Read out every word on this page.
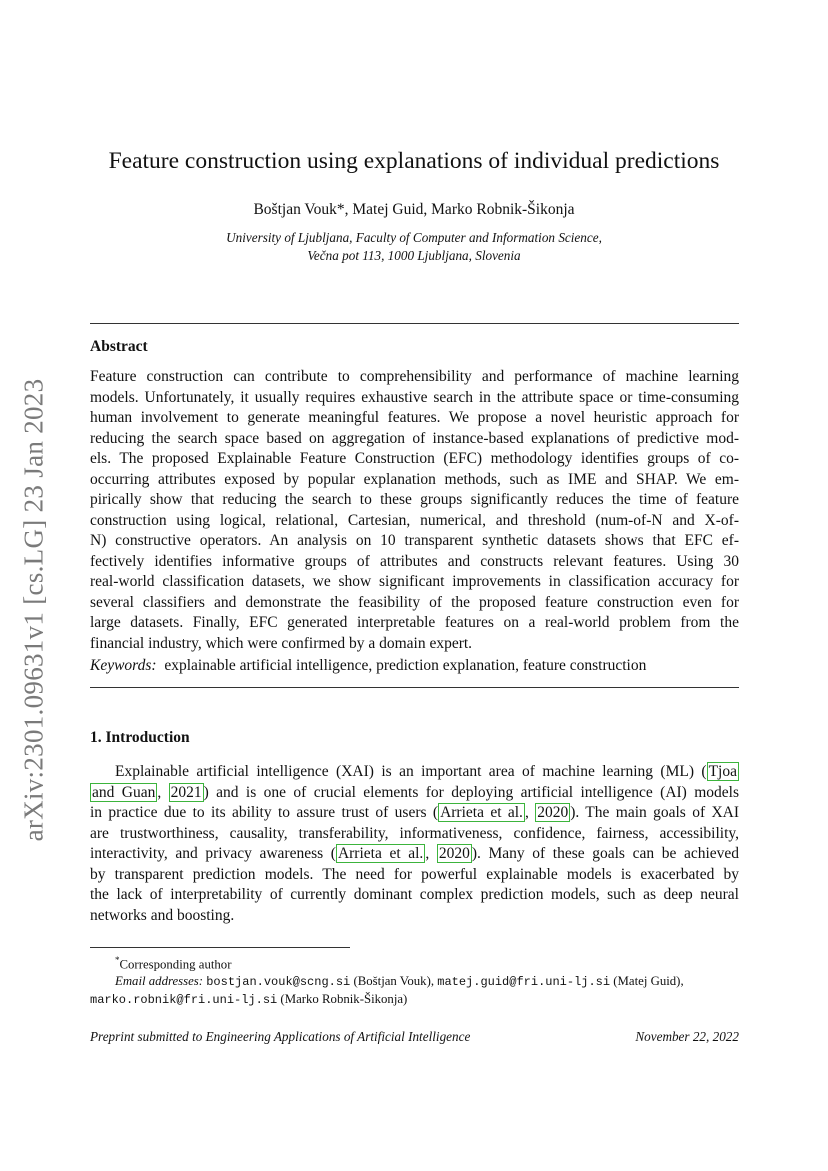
arXiv:2301.09631v1 [cs.LG] 23 Jan 2023
Feature construction using explanations of individual predictions
Boštjan Vouk*, Matej Guid, Marko Robnik-Šikonja
University of Ljubljana, Faculty of Computer and Information Science,
Večna pot 113, 1000 Ljubljana, Slovenia
Abstract
Feature construction can contribute to comprehensibility and performance of machine learning
models. Unfortunately, it usually requires exhaustive search in the attribute space or time-consuming
human involvement to generate meaningful features. We propose a novel heuristic approach for
reducing the search space based on aggregation of instance-based explanations of predictive mod-
els. The proposed Explainable Feature Construction (EFC) methodology identifies groups of co-
occurring attributes exposed by popular explanation methods, such as IME and SHAP. We em-
pirically show that reducing the search to these groups significantly reduces the time of feature
construction using logical, relational, Cartesian, numerical, and threshold (num-of-N and X-of-
N) constructive operators. An analysis on 10 transparent synthetic datasets shows that EFC ef-
fectively identifies informative groups of attributes and constructs relevant features. Using 30
real-world classification datasets, we show significant improvements in classification accuracy for
several classifiers and demonstrate the feasibility of the proposed feature construction even for
large datasets. Finally, EFC generated interpretable features on a real-world problem from the
financial industry, which were confirmed by a domain expert.
Keywords: explainable artificial intelligence, prediction explanation, feature construction
1. Introduction
Explainable artificial intelligence (XAI) is an important area of machine learning (ML) ( Tjoa
and Guan , 2021 ) and is one of crucial elements for deploying artificial intelligence (AI) models
in practice due to its ability to assure trust of users ( Arrieta et al. , 2020 ). The main goals of XAI
are trustworthiness, causality, transferability, informativeness, confidence, fairness, accessibility,
interactivity, and privacy awareness ( Arrieta et al. , 2020 ). Many of these goals can be achieved
by transparent prediction models. The need for powerful explainable models is exacerbated by
the lack of interpretability of currently dominant complex prediction models, such as deep neural
networks and boosting.
*Corresponding author
Email addresses: bostjan.vouk@scng.si (Boštjan Vouk), matej.guid@fri.uni-lj.si (Matej Guid),
marko.robnik@fri.uni-lj.si (Marko Robnik-Šikonja)
Preprint submitted to Engineering Applications of Artificial Intelligence	November 22, 2022
